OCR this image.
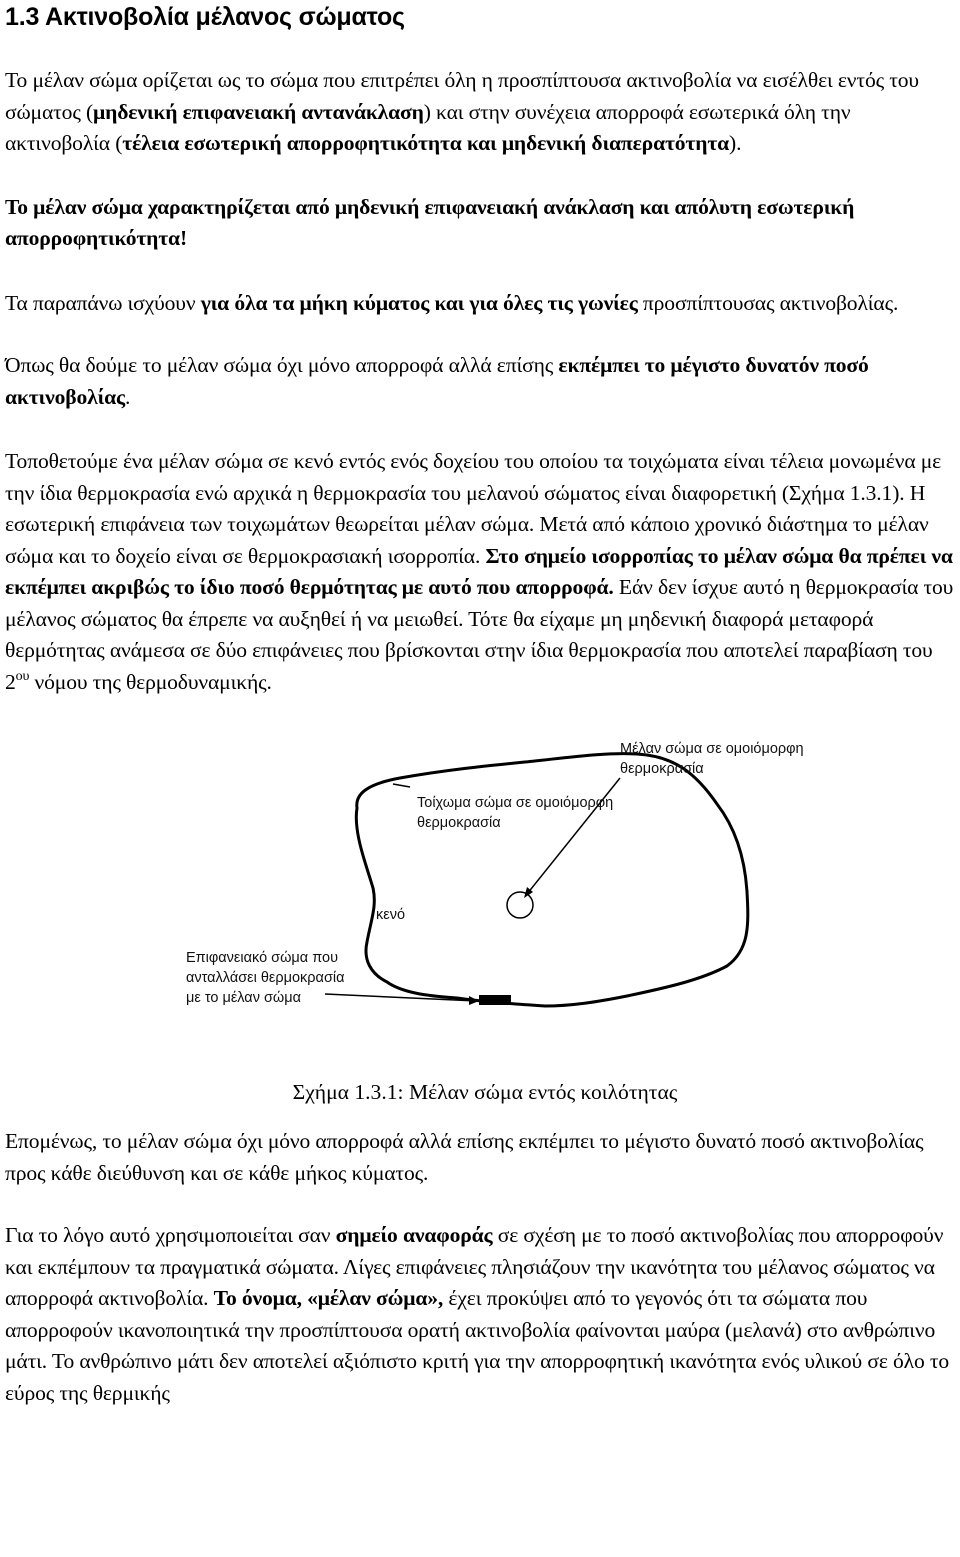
1.3 Ακτινοβολία μέλανος σώματος

Το μέλαν σώμα ορίζεται ως το σώμα που επιτρέπει όλη η προσπίπτουσα ακτινοβολία να εισέλθει εντός του σώματος (μηδενική επιφανειακή αντανάκλαση) και στην συνέχεια απορροφά εσωτερικά όλη την ακτινοβολία (τέλεια εσωτερική απορροφητικότητα και μηδενική διαπερατότητα).

Το μέλαν σώμα χαρακτηρίζεται από μηδενική επιφανειακή ανάκλαση και απόλυτη εσωτερική απορροφητικότητα!

Τα παραπάνω ισχύουν για όλα τα μήκη κύματος και για όλες τις γωνίες προσπίπτουσας ακτινοβολίας.

Όπως θα δούμε το μέλαν σώμα όχι μόνο απορροφά αλλά επίσης εκπέμπει το μέγιστο δυνατόν ποσό ακτινοβολίας.

Τοποθετούμε ένα μέλαν σώμα σε κενό εντός ενός δοχείου του οποίου τα τοιχώματα είναι τέλεια μονωμένα με την ίδια θερμοκρασία ενώ αρχικά η θερμοκρασία του μελανού σώματος είναι διαφορετική (Σχήμα 1.3.1). Η εσωτερική επιφάνεια των τοιχωμάτων θεωρείται μέλαν σώμα. Μετά από κάποιο χρονικό διάστημα το μέλαν σώμα και το δοχείο είναι σε θερμοκρασιακή ισορροπία. Στο σημείο ισορροπίας το μέλαν σώμα θα πρέπει να εκπέμπει ακριβώς το ίδιο ποσό θερμότητας με αυτό που απορροφά. Εάν δεν ίσχυε αυτό η θερμοκρασία του μέλανος σώματος θα έπρεπε να αυξηθεί ή να μειωθεί. Τότε θα είχαμε μη μηδενική διαφορά μεταφορά θερμότητας ανάμεσα σε δύο επιφάνειες που βρίσκονται στην ίδια θερμοκρασία που αποτελεί παραβίαση του $2^{o\upsilon}$ νόμου της θερμοδυναμικής.

Μέλαν σώμα σε ομοιόμορφη
θερμοκρασία
Τοίχωμα σώμα σε ομοιόμορφη
θερμοκρασία
κενό
Επιφανειακό σώμα που
ανταλλάσει θερμοκρασία
με το μέλαν σώμα
Σχήμα 1.3.1: Μέλαν σώμα εντός κοιλότητας

Επομένως, το μέλαν σώμα όχι μόνο απορροφά αλλά επίσης εκπέμπει το μέγιστο δυνατό ποσό ακτινοβολίας προς κάθε διεύθυνση και σε κάθε μήκος κύματος.

Για το λόγο αυτό χρησιμοποιείται σαν σημείο αναφοράς σε σχέση με το ποσό ακτινοβολίας που απορροφούν και εκπέμπουν τα πραγματικά σώματα. Λίγες επιφάνειες πλησιάζουν την ικανότητα του μέλανος σώματος να απορροφά ακτινοβολία. Το όνομα, «μέλαν σώμα», έχει προκύψει από το γεγονός ότι τα σώματα που απορροφούν ικανοποιητικά την προσπίπτουσα ορατή ακτινοβολία φαίνονται μαύρα (μελανά) στο ανθρώπινο μάτι. Το ανθρώπινο μάτι δεν αποτελεί αξιόπιστο κριτή για την απορροφητική ικανότητα ενός υλικού σε όλο το εύρος της θερμικής
